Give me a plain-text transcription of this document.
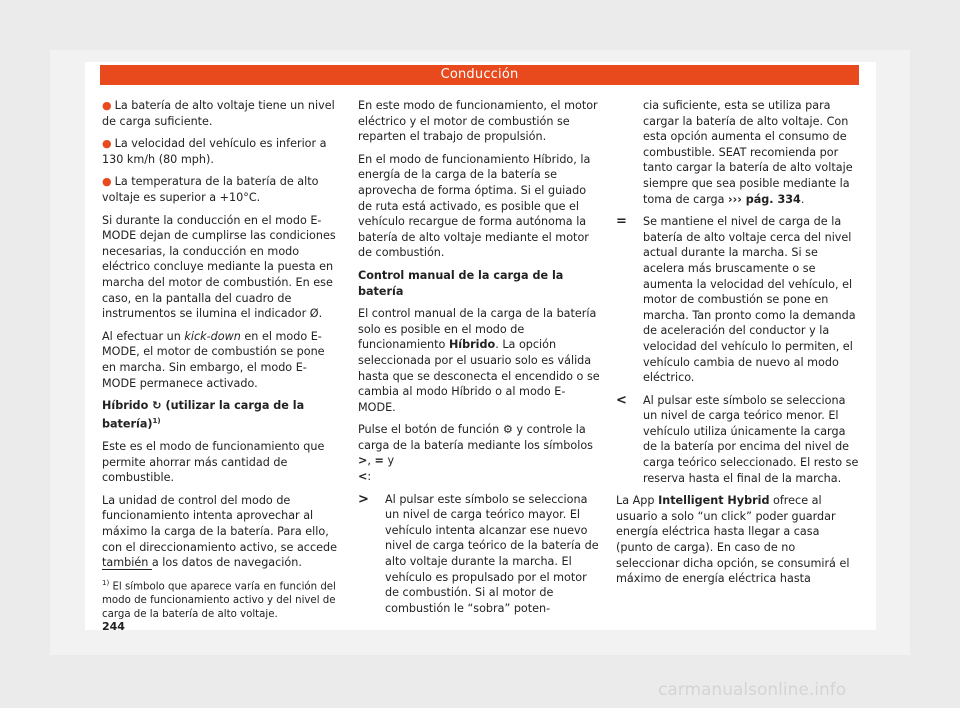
Conducción

● La batería de alto voltaje tiene un nivel de carga suficiente.

● La velocidad del vehículo es inferior a 130 km/h (80 mph).

● La temperatura de la batería de alto voltaje es superior a +10°C.

Si durante la conducción en el modo E-MODE dejan de cumplirse las condiciones necesarias, la conducción en modo eléctrico concluye mediante la puesta en marcha del motor de combustión. En ese caso, en la pantalla del cuadro de instrumentos se ilumina el indicador Ø.

Al efectuar un kick-down en el modo E-MODE, el motor de combustión se pone en marcha. Sin embargo, el modo E-MODE permanece activado.

Híbrido ↻ (utilizar la carga de la batería)$^{1)}$

Este es el modo de funcionamiento que permite ahorrar más cantidad de combustible.

La unidad de control del modo de funcionamiento intenta aprovechar al máximo la carga de la batería. Para ello, con el direccionamiento activo, se accede también a los datos de navegación.

$^{1)}$ El símbolo que aparece varía en función del modo de funcionamiento activo y del nivel de carga de la batería de alto voltaje.
244

En este modo de funcionamiento, el motor eléctrico y el motor de combustión se reparten el trabajo de propulsión.

En el modo de funcionamiento Híbrido, la energía de la carga de la batería se aprovecha de forma óptima. Si el guiado de ruta está activado, es posible que el vehículo recargue de forma autónoma la batería de alto voltaje mediante el motor de combustión.

Control manual de la carga de la batería

El control manual de la carga de la batería solo es posible en el modo de funcionamiento Híbrido. La opción seleccionada por el usuario solo es válida hasta que se desconecta el encendido o se cambia al modo Híbrido o al modo E-MODE.

Pulse el botón de función ⚙ y controle la carga de la batería mediante los símbolos >, = y
<:

>	Al pulsar este símbolo se selecciona un nivel de carga teórico mayor. El vehículo intenta alcanzar ese nuevo nivel de carga teórico de la batería de alto voltaje durante la marcha. El vehículo es propulsado por el motor de combustión. Si al motor de combustión le “sobra” poten-

cia suficiente, esta se utiliza para cargar la batería de alto voltaje. Con esta opción aumenta el consumo de combustible. SEAT recomienda por tanto cargar la batería de alto voltaje siempre que sea posible mediante la toma de carga ››› pág. 334.

=	Se mantiene el nivel de carga de la batería de alto voltaje cerca del nivel actual durante la marcha. Si se acelera más bruscamente o se aumenta la velocidad del vehículo, el motor de combustión se pone en marcha. Tan pronto como la demanda de aceleración del conductor y la velocidad del vehículo lo permiten, el vehículo cambia de nuevo al modo eléctrico.
<	Al pulsar este símbolo se selecciona un nivel de carga teórico menor. El vehículo utiliza únicamente la carga de la batería por encima del nivel de carga teórico seleccionado. El resto se reserva hasta el final de la marcha.

La App Intelligent Hybrid ofrece al usuario a solo “un click” poder guardar energía eléctrica hasta llegar a casa (punto de carga). En caso de no seleccionar dicha opción, se consumirá el máximo de energía eléctrica hasta

carmanualsonline.info
